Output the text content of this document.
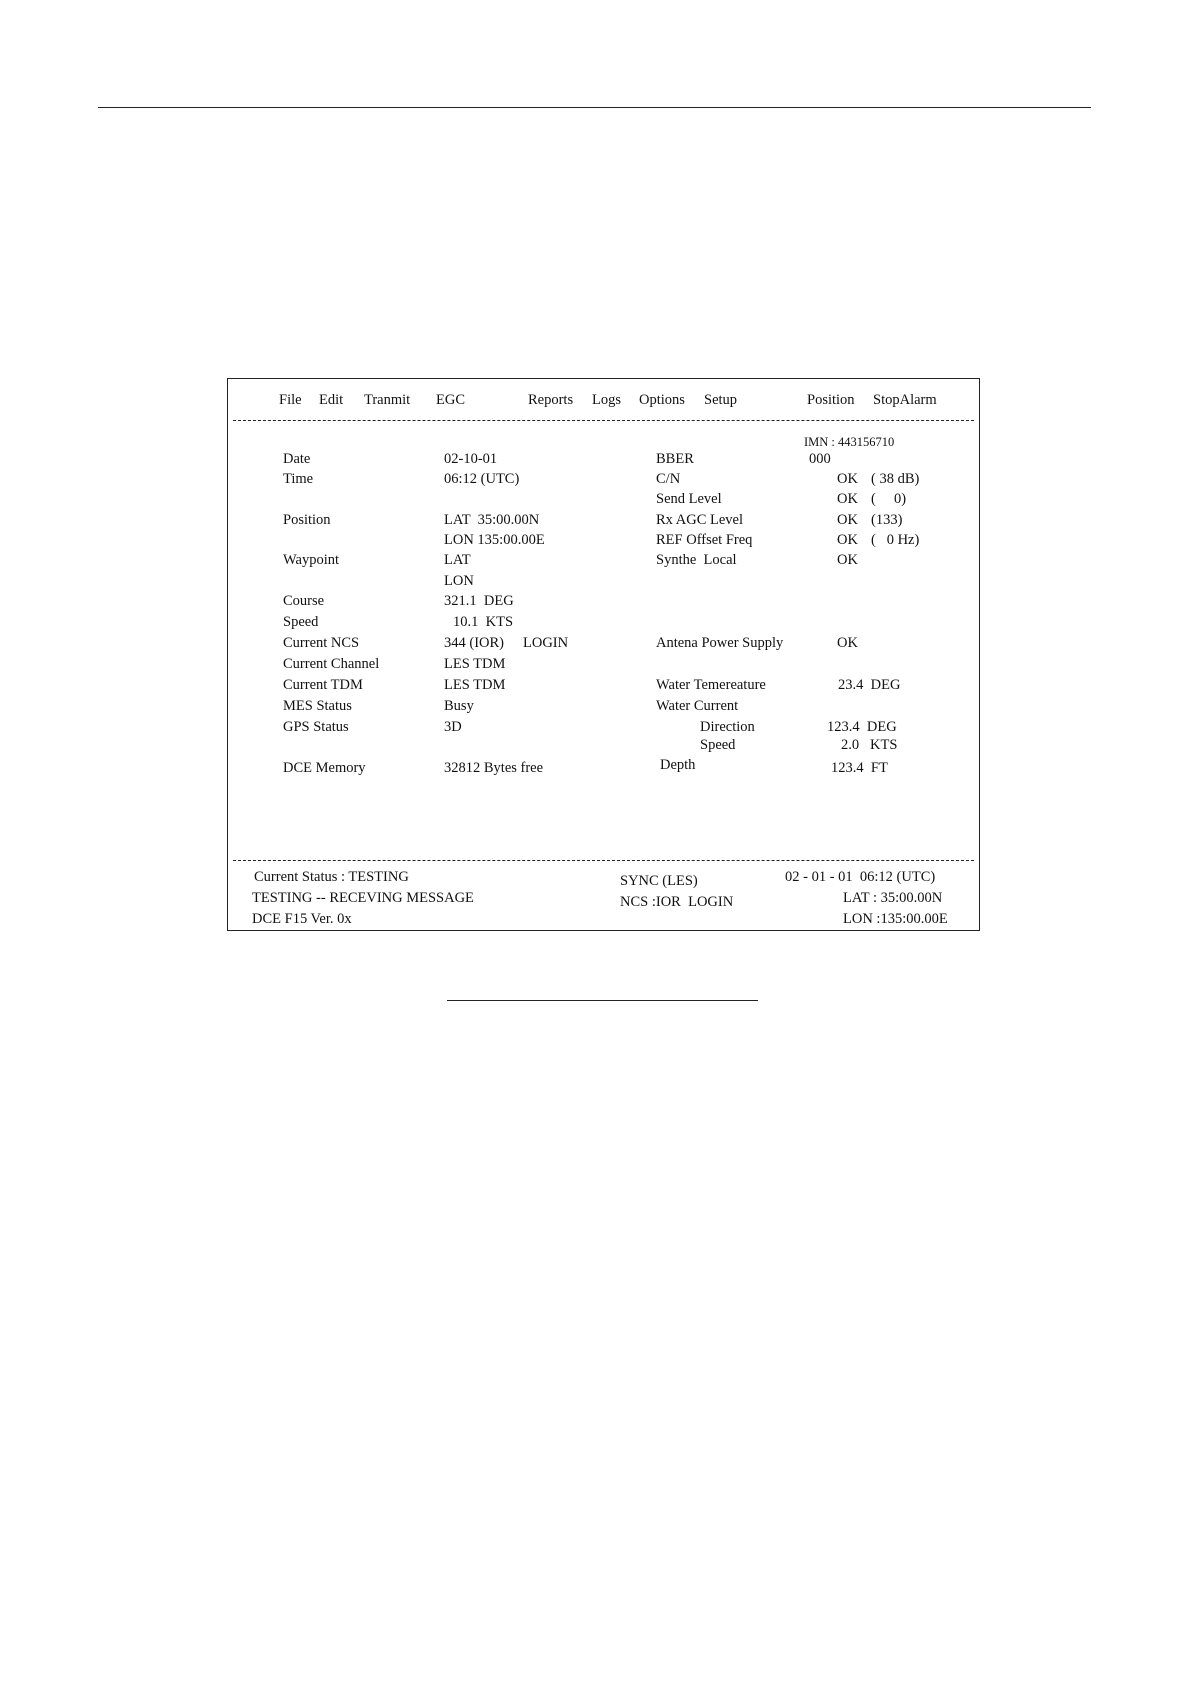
File Edit Tranmit EGC	Reports Logs Options Setup	Position StopAlarm
IMN : 443156710
Date
Time
Position
Waypoint
Course
Speed
Current NCS
Current Channel
Current TDM
MES Status
GPS Status
DCE Memory
02-10-01
06:12 (UTC)
LAT  35:00.00N
LON 135:00.00E
LAT
LON
321.1  DEG
10.1  KTS
344 (IOR) LOGIN
LES TDM
LES TDM
Busy
3D
32812 Bytes free
BBER
C/N
Send Level
Rx AGC Level
REF Offset Freq
Synthe  Local
Antena Power Supply
Water Temereature
Water Current
Direction
Speed
Depth
000
( 38 dB)
(     0)
(133)
(   0 Hz)
23.4  DEG
123.4  DEG
2.0   KTS
123.4  FT
OK
OK
OK
OK
OK
OK
Current Status : TESTING
TESTING -- RECEVING MESSAGE
DCE F15 Ver. 0x
SYNC (LES)
NCS :IOR  LOGIN
02 - 01 - 01  06:12 (UTC)
LAT : 35:00.00N
LON :135:00.00E
